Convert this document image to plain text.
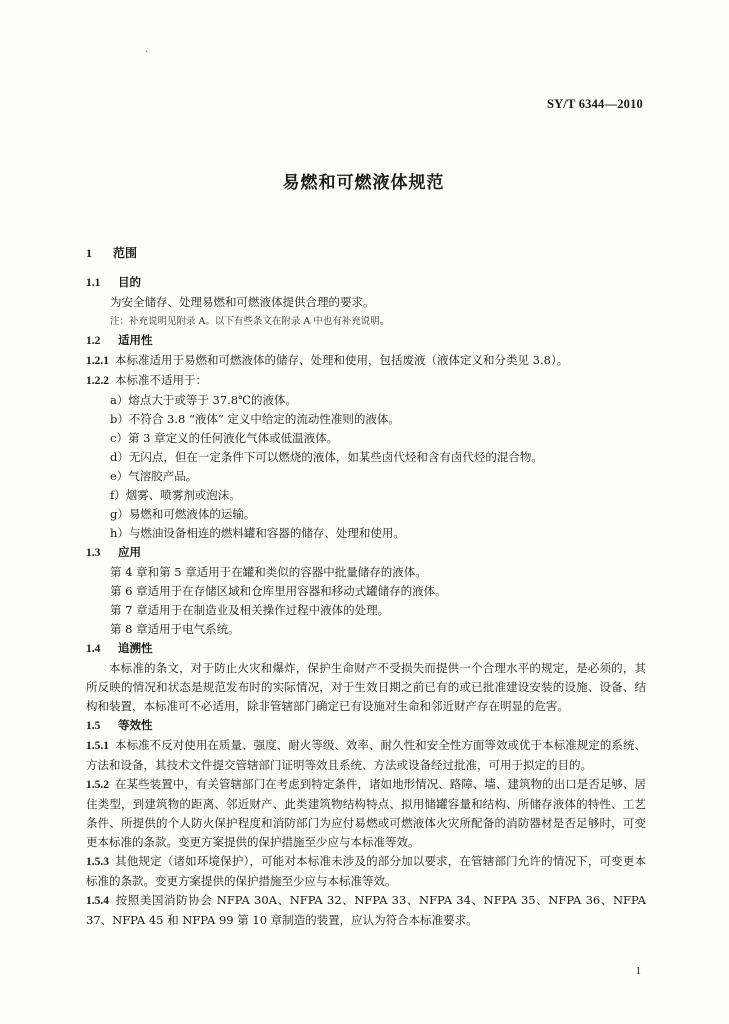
.
SY/T 6344—2010
易燃和可燃液体规范
1 范围
1.1 目的
为安全储存、处理易燃和可燃液体提供合理的要求。
注：补充说明见附录 A。以下有些条文在附录 A 中也有补充说明。
1.2 适用性
1.2.1 本标准适用于易燃和可燃液体的储存、处理和使用，包括废液（液体定义和分类见 3.8）。
1.2.2 本标准不适用于：
a）熔点大于或等于 37.8℃的液体。
b）不符合 3.8 “液体” 定义中给定的流动性准则的液体。
c）第 3 章定义的任何液化气体或低温液体。
d）无闪点，但在一定条件下可以燃烧的液体，如某些卤代烃和含有卤代烃的混合物。
e）气溶胶产品。
f）烟雾、喷雾剂或泡沫。
g）易燃和可燃液体的运输。
h）与燃油设备相连的燃料罐和容器的储存、处理和使用。
1.3 应用
第 4 章和第 5 章适用于在罐和类似的容器中批量储存的液体。
第 6 章适用于在存储区域和仓库里用容器和移动式罐储存的液体。
第 7 章适用于在制造业及相关操作过程中液体的处理。
第 8 章适用于电气系统。
1.4 追溯性
本标准的条文，对于防止火灾和爆炸，保护生命财产不受损失而提供一个合理水平的规定，是必须的，其所反映的情况和状态是规范发布时的实际情况，对于生效日期之前已有的或已批准建设安装的设施、设备、结构和装置，本标准可不必适用，除非管辖部门确定已有设施对生命和邻近财产存在明显的危害。
1.5 等效性
1.5.1 本标准不反对使用在质量、强度、耐火等级、效率、耐久性和安全性方面等效或优于本标准规定的系统、方法和设备，其技术文件提交管辖部门证明等效且系统、方法或设备经过批准，可用于拟定的目的。
1.5.2 在某些装置中，有关管辖部门在考虑到特定条件，诸如地形情况、路障、墙、建筑物的出口是否足够、居住类型，到建筑物的距离、邻近财产、此类建筑物结构特点、拟用储罐容量和结构、所储存液体的特性、工艺条件、所提供的个人防火保护程度和消防部门为应付易燃或可燃液体火灾所配备的消防器材是否足够时，可变更本标准的条款。变更方案提供的保护措施至少应与本标准等效。
1.5.3 其他规定（诸如环境保护），可能对本标准未涉及的部分加以要求，在管辖部门允许的情况下，可变更本标准的条款。变更方案提供的保护措施至少应与本标准等效。
1.5.4 按照美国消防协会 NFPA 30A、NFPA 32、NFPA 33、NFPA 34、NFPA 35、NFPA 36、NFPA 37、NFPA 45 和 NFPA 99 第 10 章制造的装置，应认为符合本标准要求。
1
